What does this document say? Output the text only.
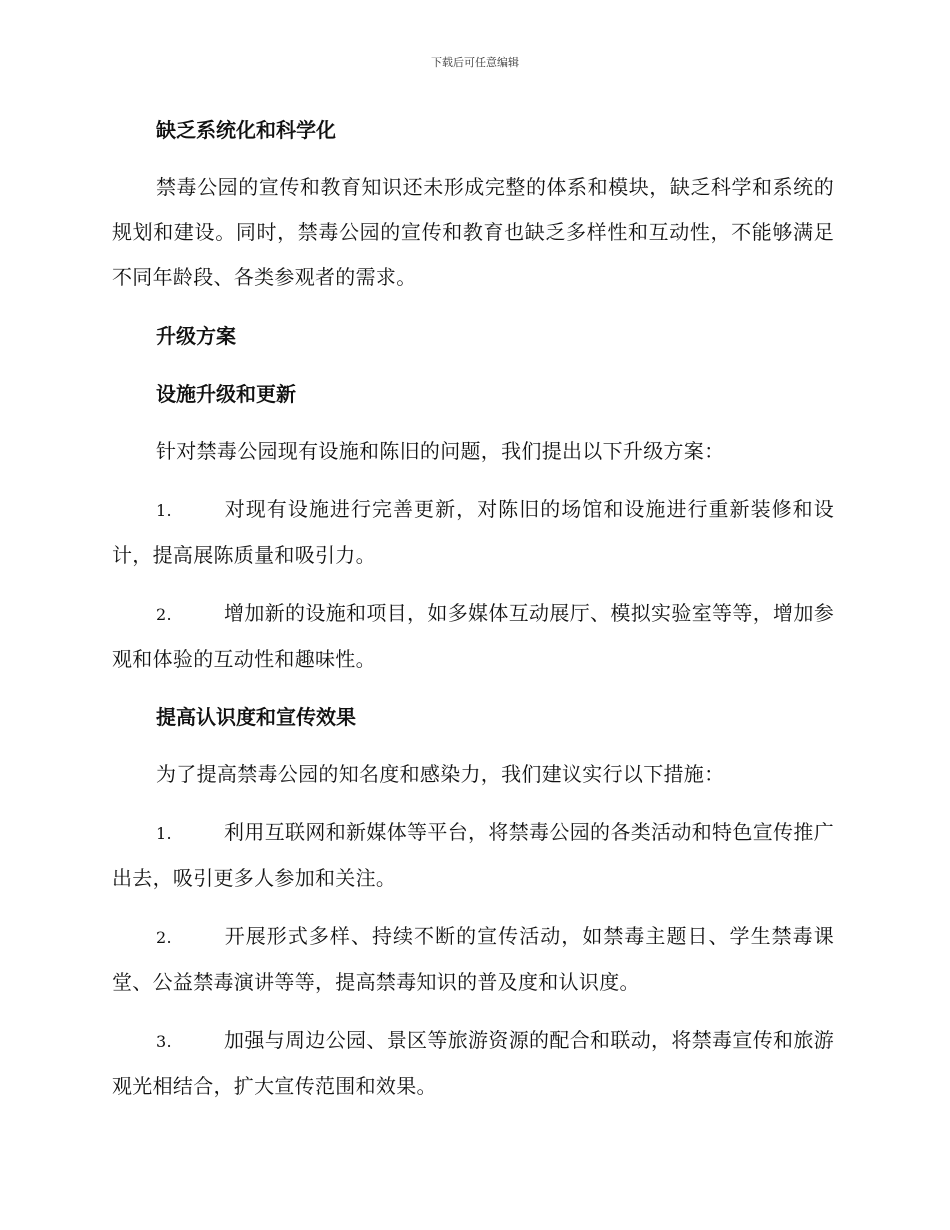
下载后可任意编辑
缺乏系统化和科学化

禁毒公园的宣传和教育知识还未形成完整的体系和模块，缺乏科学和系统的规划和建设。同时，禁毒公园的宣传和教育也缺乏多样性和互动性，不能够满足不同年龄段、各类参观者的需求。

升级方案
设施升级和更新

针对禁毒公园现有设施和陈旧的问题，我们提出以下升级方案：

1.	对现有设施进行完善更新，对陈旧的场馆和设施进行重新装修和设计，提高展陈质量和吸引力。

2.	增加新的设施和项目，如多媒体互动展厅、模拟实验室等等，增加参观和体验的互动性和趣味性。

提高认识度和宣传效果

为了提高禁毒公园的知名度和感染力，我们建议实行以下措施：

1.	利用互联网和新媒体等平台，将禁毒公园的各类活动和特色宣传推广出去，吸引更多人参加和关注。

2.	开展形式多样、持续不断的宣传活动，如禁毒主题日、学生禁毒课堂、公益禁毒演讲等等，提高禁毒知识的普及度和认识度。

3.	加强与周边公园、景区等旅游资源的配合和联动，将禁毒宣传和旅游观光相结合，扩大宣传范围和效果。
